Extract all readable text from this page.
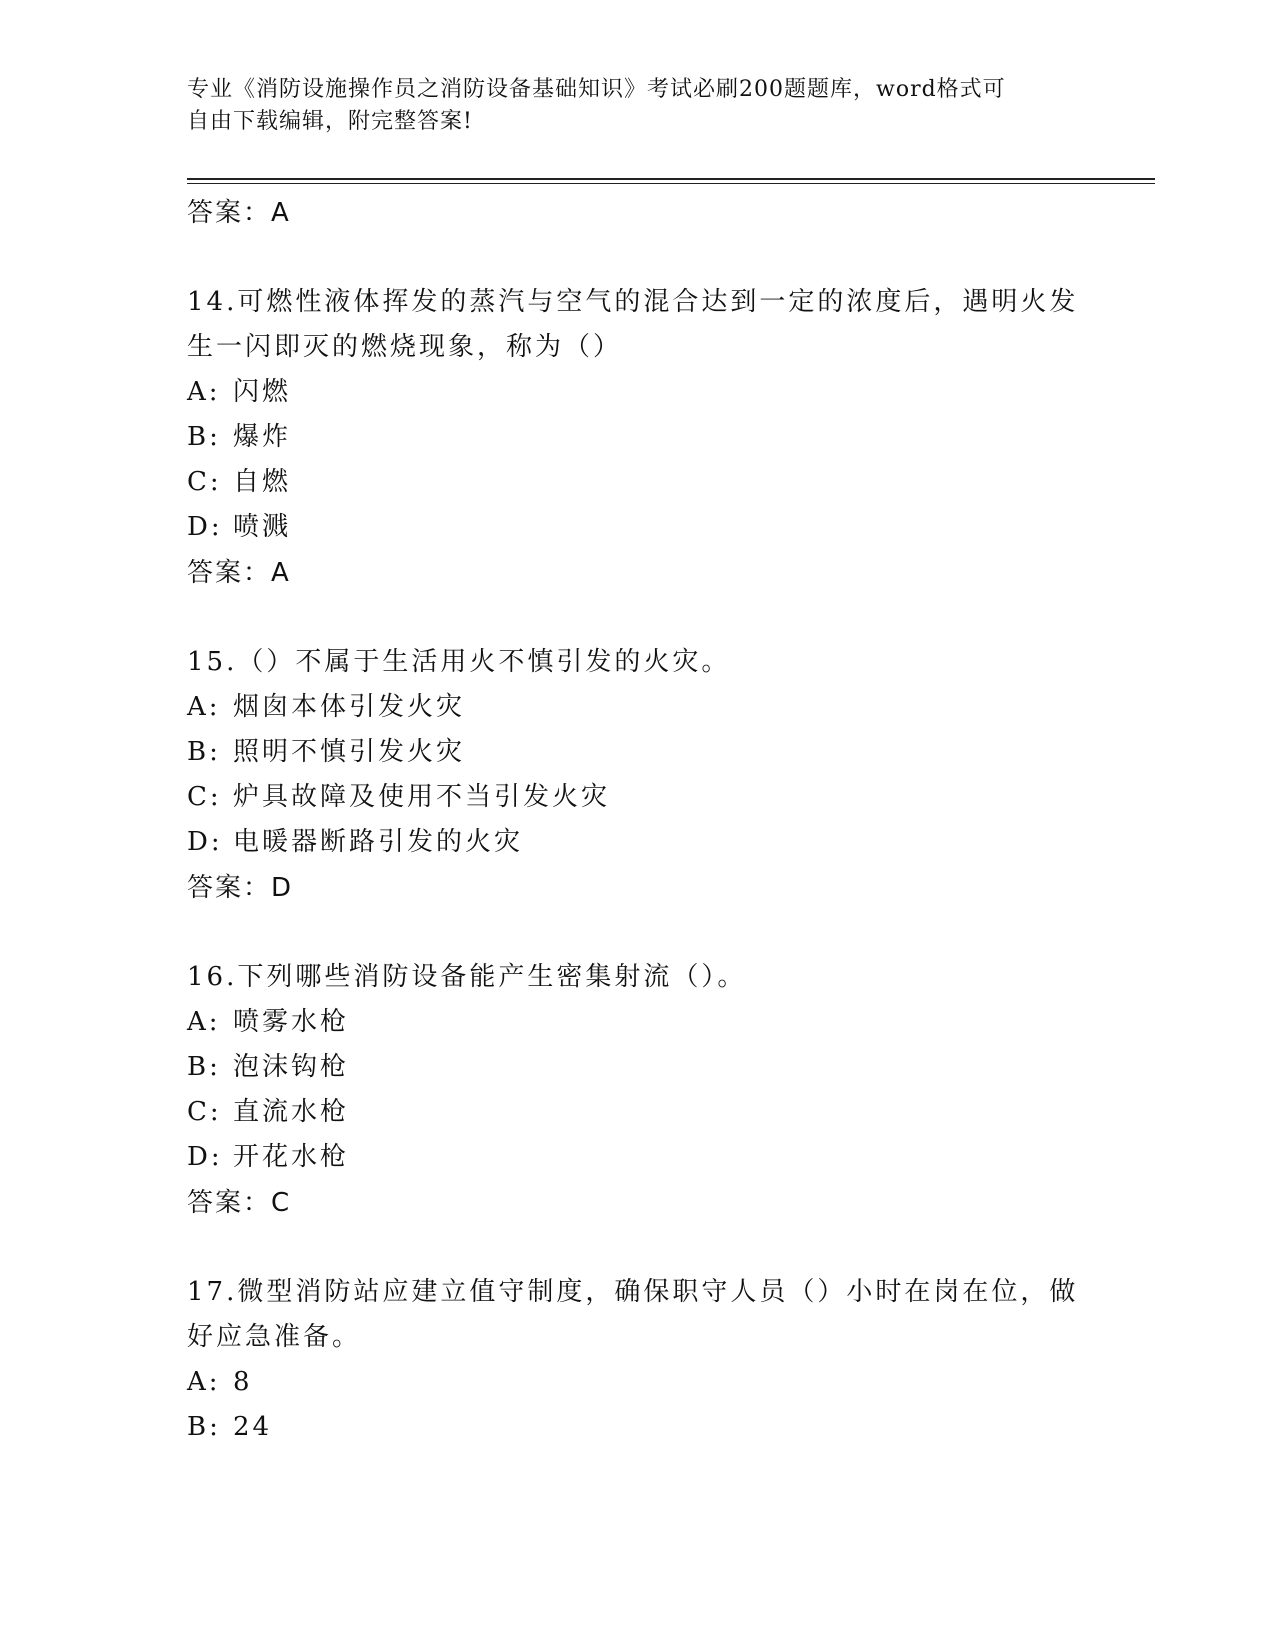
专业《消防设施操作员之消防设备基础知识》考试必刷200题题库，word格式可
自由下载编辑，附完整答案!
答案：A
14.可燃性液体挥发的蒸汽与空气的混合达到一定的浓度后，遇明火发
生一闪即灭的燃烧现象，称为（）
A: 闪燃
B: 爆炸
C: 自燃
D: 喷溅
答案：A
15.（）不属于生活用火不慎引发的火灾。
A: 烟囱本体引发火灾
B: 照明不慎引发火灾
C: 炉具故障及使用不当引发火灾
D: 电暖器断路引发的火灾
答案：D
16.下列哪些消防设备能产生密集射流（）。
A: 喷雾水枪
B: 泡沫钩枪
C: 直流水枪
D: 开花水枪
答案：C
17.微型消防站应建立值守制度，确保职守人员（）小时在岗在位，做
好应急准备。
A: 8
B: 24
